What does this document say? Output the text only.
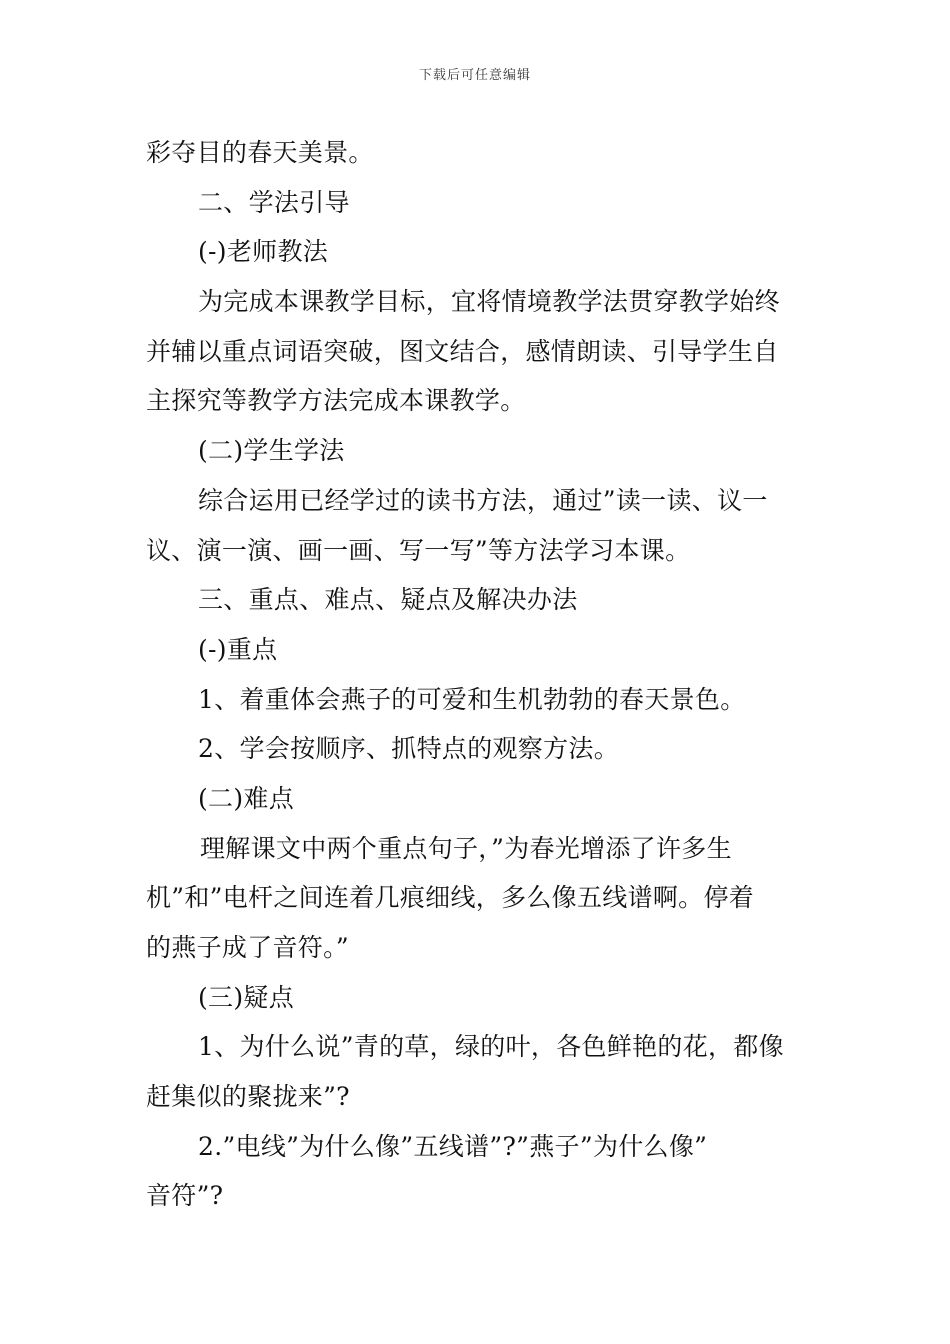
下载后可任意编辑
彩夺目的春天美景。
二、学法引导
(-)老师教法
为完成本课教学目标，宜将情境教学法贯穿教学始终
并辅以重点词语突破，图文结合，感情朗读、引导学生自
主探究等教学方法完成本课教学。
(二)学生学法
综合运用已经学过的读书方法，通过”读一读、议一
议、演一演、画一画、写一写”等方法学习本课。
三、重点、难点、疑点及解决办法
(-)重点
1、着重体会燕子的可爱和生机勃勃的春天景色。
2、学会按顺序、抓特点的观察方法。
(二)难点
理解课文中两个重点句子，”为春光增添了许多生
机”和”电杆之间连着几痕细线，多么像五线谱啊。停着
的燕子成了音符。”
(三)疑点
1、为什么说”青的草，绿的叶，各色鲜艳的花，都像
赶集似的聚拢来”?
2.”电线”为什么像”五线谱”?”燕子”为什么像”
音符”?
